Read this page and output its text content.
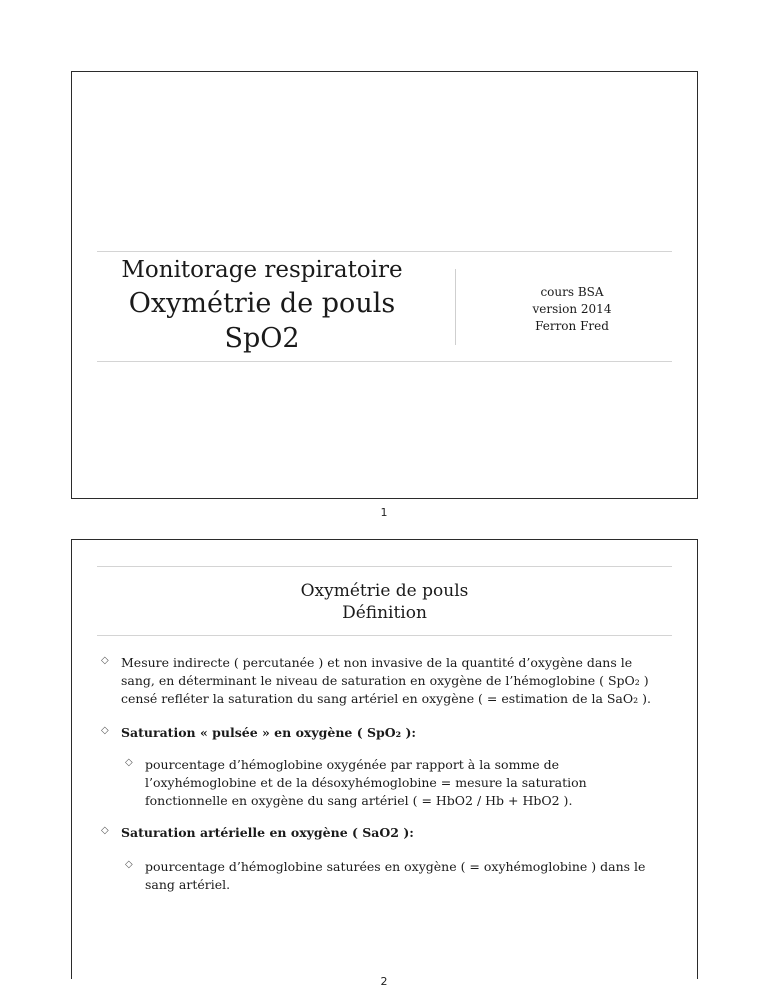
Monitorage respiratoire
Oxymétrie de pouls
SpO2
cours BSA
version 2014
Ferron Fred
1
Oxymétrie de pouls
Définition
◇ Mesure indirecte ( percutanée ) et non invasive de la quantité d’oxygène dans le sang, en déterminant le niveau de saturation en oxygène de l’hémoglobine ( SpO₂ ) censé refléter la saturation du sang artériel en oxygène ( = estimation de la SaO₂ ).
◇ Saturation « pulsée » en oxygène ( SpO₂ ):
◇ pourcentage d’hémoglobine oxygénée par rapport à la somme de l’oxyhémoglobine et de la désoxyhémoglobine = mesure la saturation fonctionnelle en oxygène du sang artériel ( = HbO2 / Hb + HbO2 ).
◇ Saturation artérielle en oxygène ( SaO2 ):
◇ pourcentage d’hémoglobine saturées en oxygène ( = oxyhémoglobine ) dans le sang artériel.
2
